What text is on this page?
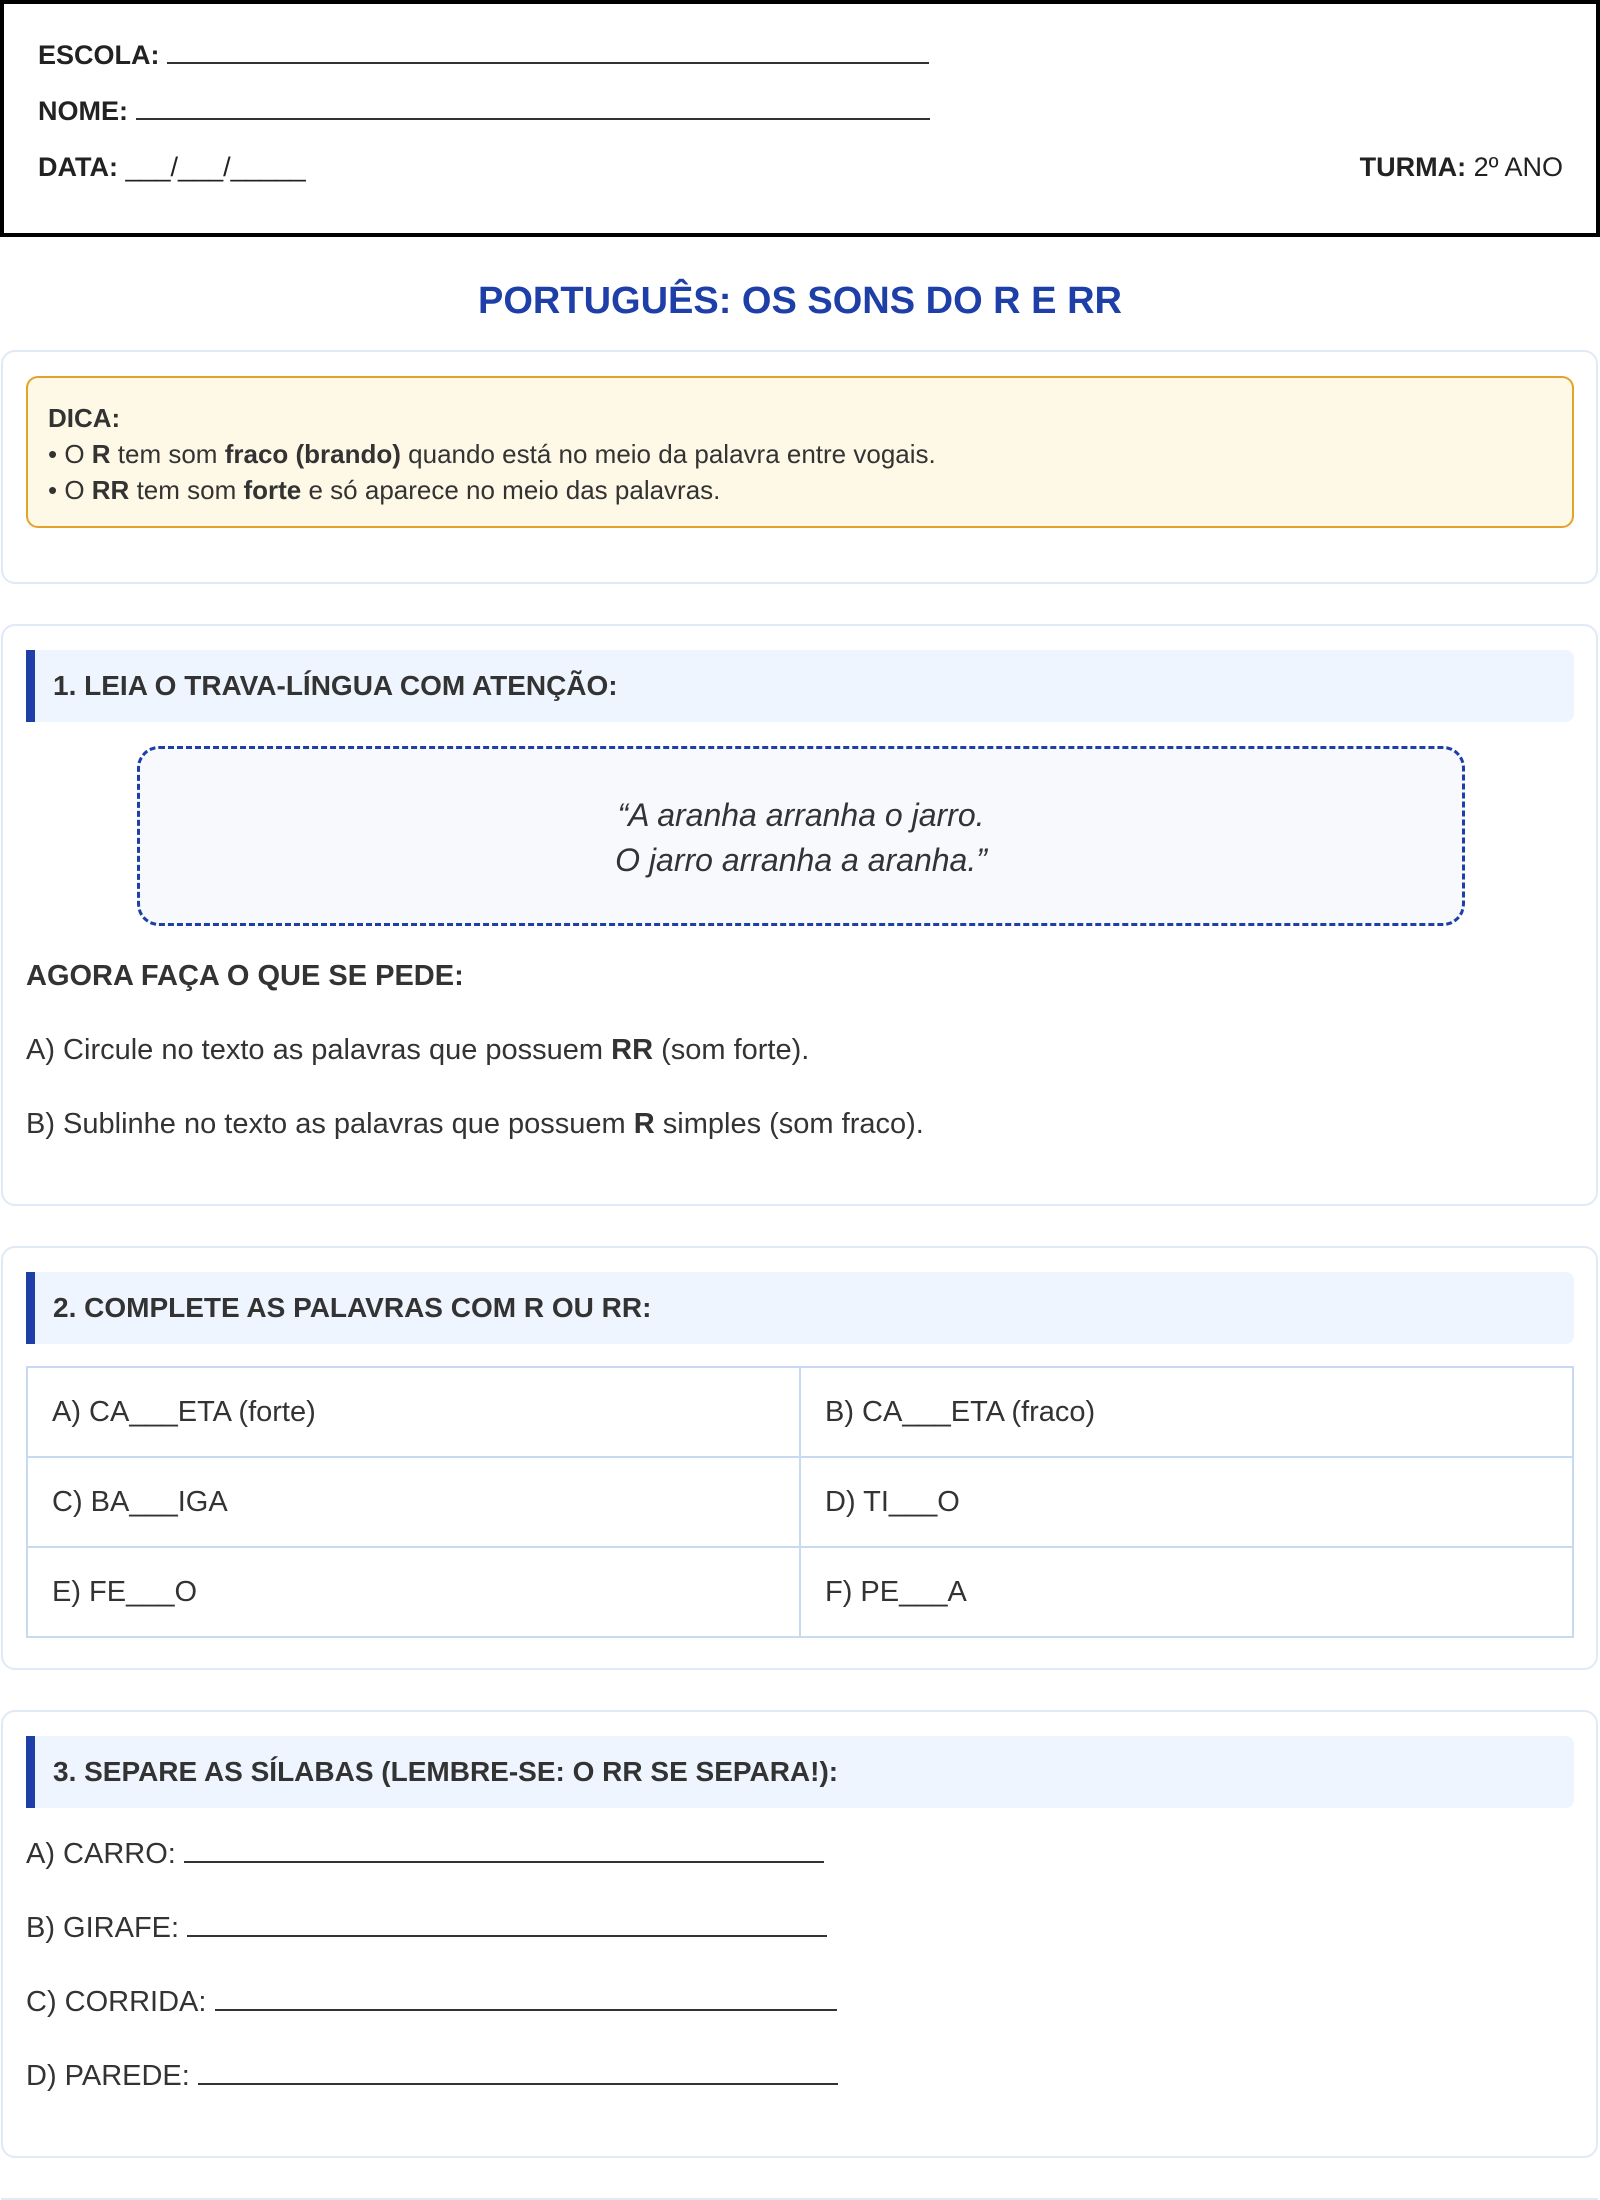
ESCOLA:
NOME:
DATA: ___/___/_____	TURMA: 2º ANO
PORTUGUÊS: OS SONS DO R E RR
DICA:
• O R tem som fraco (brando) quando está no meio da palavra entre vogais.
• O RR tem som forte e só aparece no meio das palavras.
1. LEIA O TRAVA-LÍNGUA COM ATENÇÃO:
“A aranha arranha o jarro.
O jarro arranha a aranha.”
AGORA FAÇA O QUE SE PEDE:
A) Circule no texto as palavras que possuem RR (som forte).
B) Sublinhe no texto as palavras que possuem R simples (som fraco).
2. COMPLETE AS PALAVRAS COM R OU RR:
A) CA___ETA (forte)	B) CA___ETA (fraco)
C) BA___IGA	D) TI___O
E) FE___O	F) PE___A
3. SEPARE AS SÍLABAS (LEMBRE-SE: O RR SE SEPARA!):
A) CARRO:
B) GIRAFE:
C) CORRIDA:
D) PAREDE:
